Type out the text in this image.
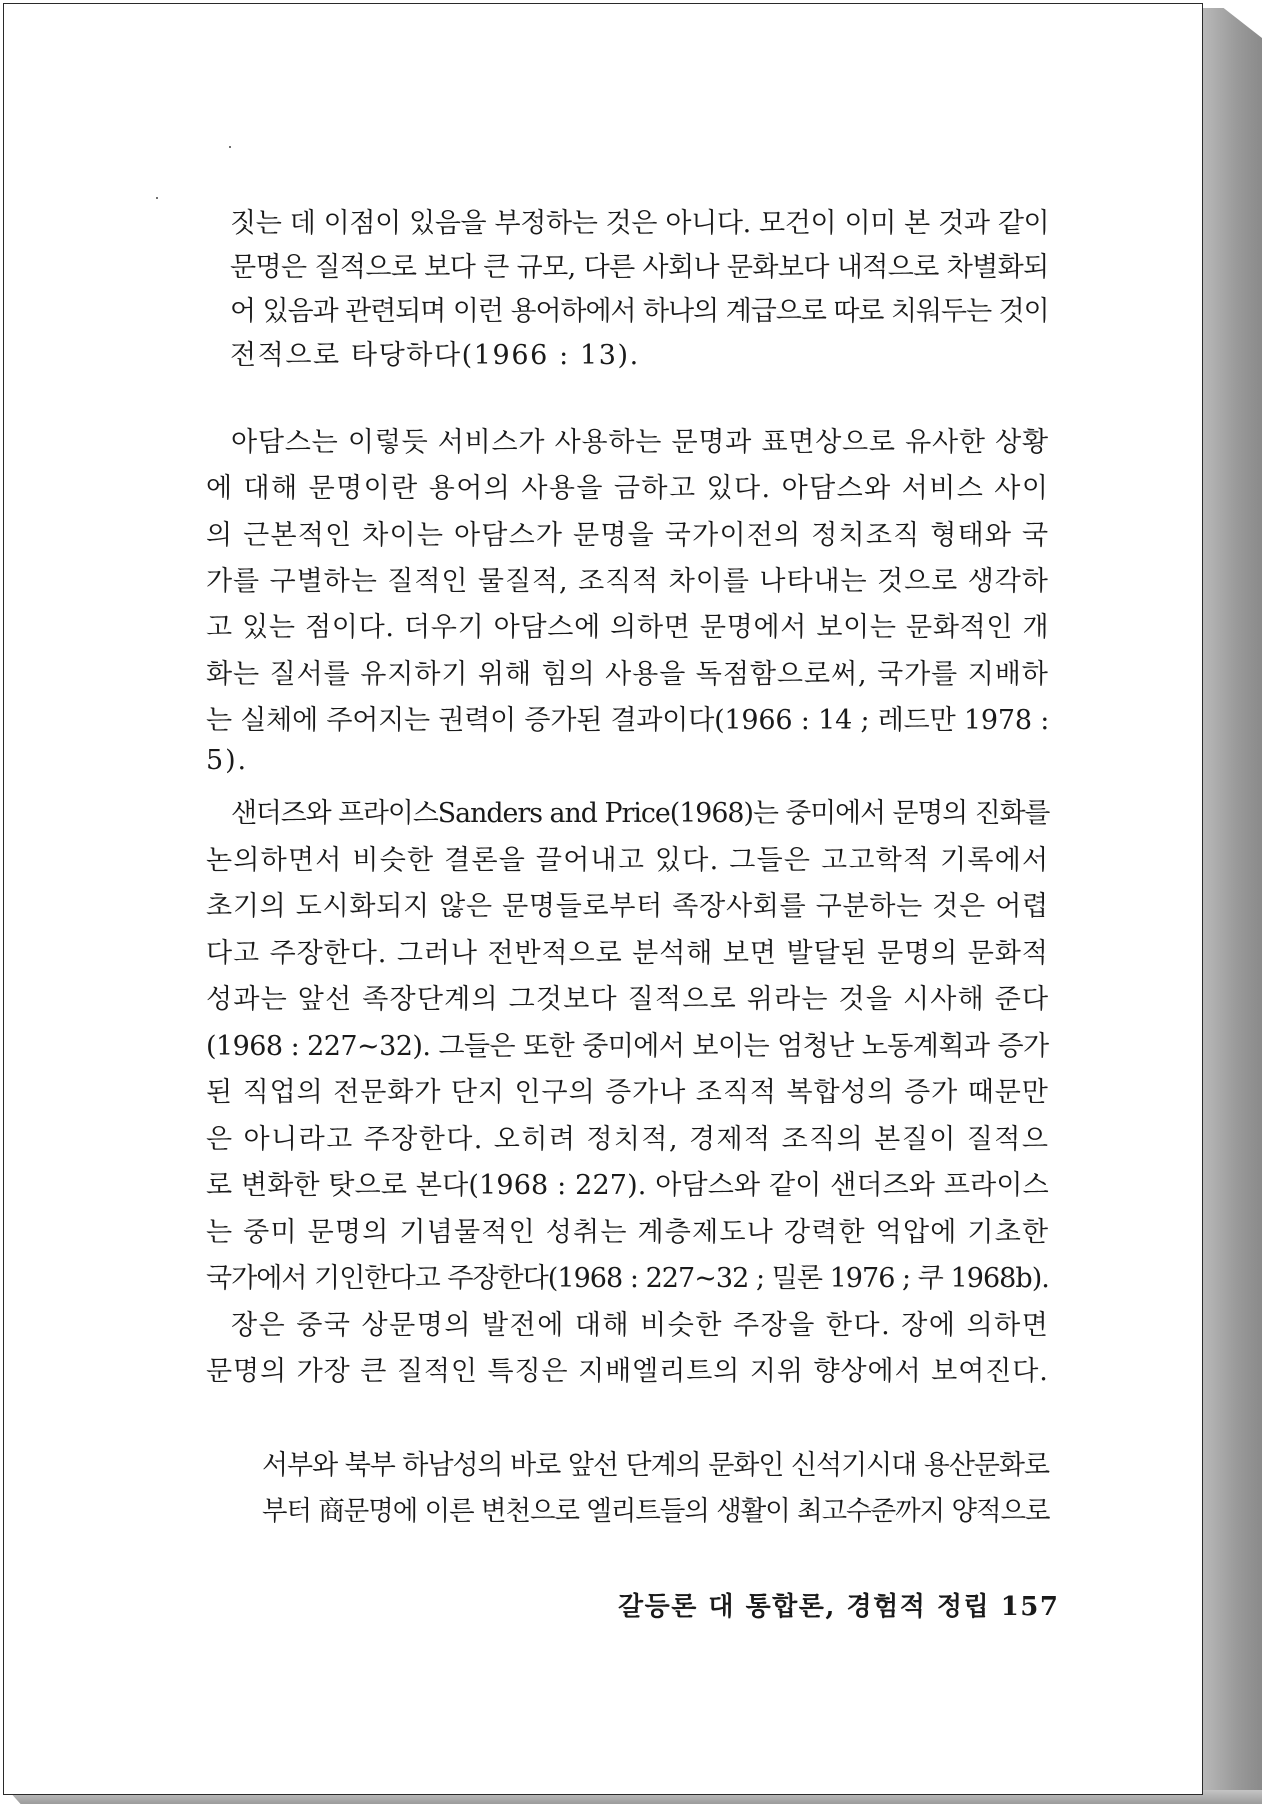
짓는 데 이점이 있음을 부정하는 것은 아니다. 모건이 이미 본 것과 같이
문명은 질적으로 보다 큰 규모, 다른 사회나 문화보다 내적으로 차별화되
어 있음과 관련되며 이런 용어하에서 하나의 계급으로 따로 치워두는 것이
전적으로 타당하다(1966 : 13).
아담스는 이렇듯 서비스가 사용하는 문명과 표면상으로 유사한 상황
에 대해 문명이란 용어의 사용을 금하고 있다. 아담스와 서비스 사이
의 근본적인 차이는 아담스가 문명을 국가이전의 정치조직 형태와 국
가를 구별하는 질적인 물질적, 조직적 차이를 나타내는 것으로 생각하
고 있는 점이다. 더우기 아담스에 의하면 문명에서 보이는 문화적인 개
화는 질서를 유지하기 위해 힘의 사용을 독점함으로써, 국가를 지배하
는 실체에 주어지는 권력이 증가된 결과이다(1966 : 14 ; 레드만 1978 :
5).
샌더즈와 프라이스Sanders and Price(1968)는 중미에서 문명의 진화를
논의하면서 비슷한 결론을 끌어내고 있다. 그들은 고고학적 기록에서
초기의 도시화되지 않은 문명들로부터 족장사회를 구분하는 것은 어렵
다고 주장한다. 그러나 전반적으로 분석해 보면 발달된 문명의 문화적
성과는 앞선 족장단계의 그것보다 질적으로 위라는 것을 시사해 준다
(1968 : 227~32). 그들은 또한 중미에서 보이는 엄청난 노동계획과 증가
된 직업의 전문화가 단지 인구의 증가나 조직적 복합성의 증가 때문만
은 아니라고 주장한다. 오히려 정치적, 경제적 조직의 본질이 질적으
로 변화한 탓으로 본다(1968 : 227). 아담스와 같이 샌더즈와 프라이스
는 중미 문명의 기념물적인 성취는 계층제도나 강력한 억압에 기초한
국가에서 기인한다고 주장한다(1968 : 227~32 ; 밀론 1976 ; 쿠 1968b).
장은 중국 상문명의 발전에 대해 비슷한 주장을 한다. 장에 의하면
문명의 가장 큰 질적인 특징은 지배엘리트의 지위 향상에서 보여진다.
서부와 북부 하남성의 바로 앞선 단계의 문화인 신석기시대 용산문화로
부터 商문명에 이른 변천으로 엘리트들의 생활이 최고수준까지 양적으로
갈등론 대 통합론, 경험적 정립 157
